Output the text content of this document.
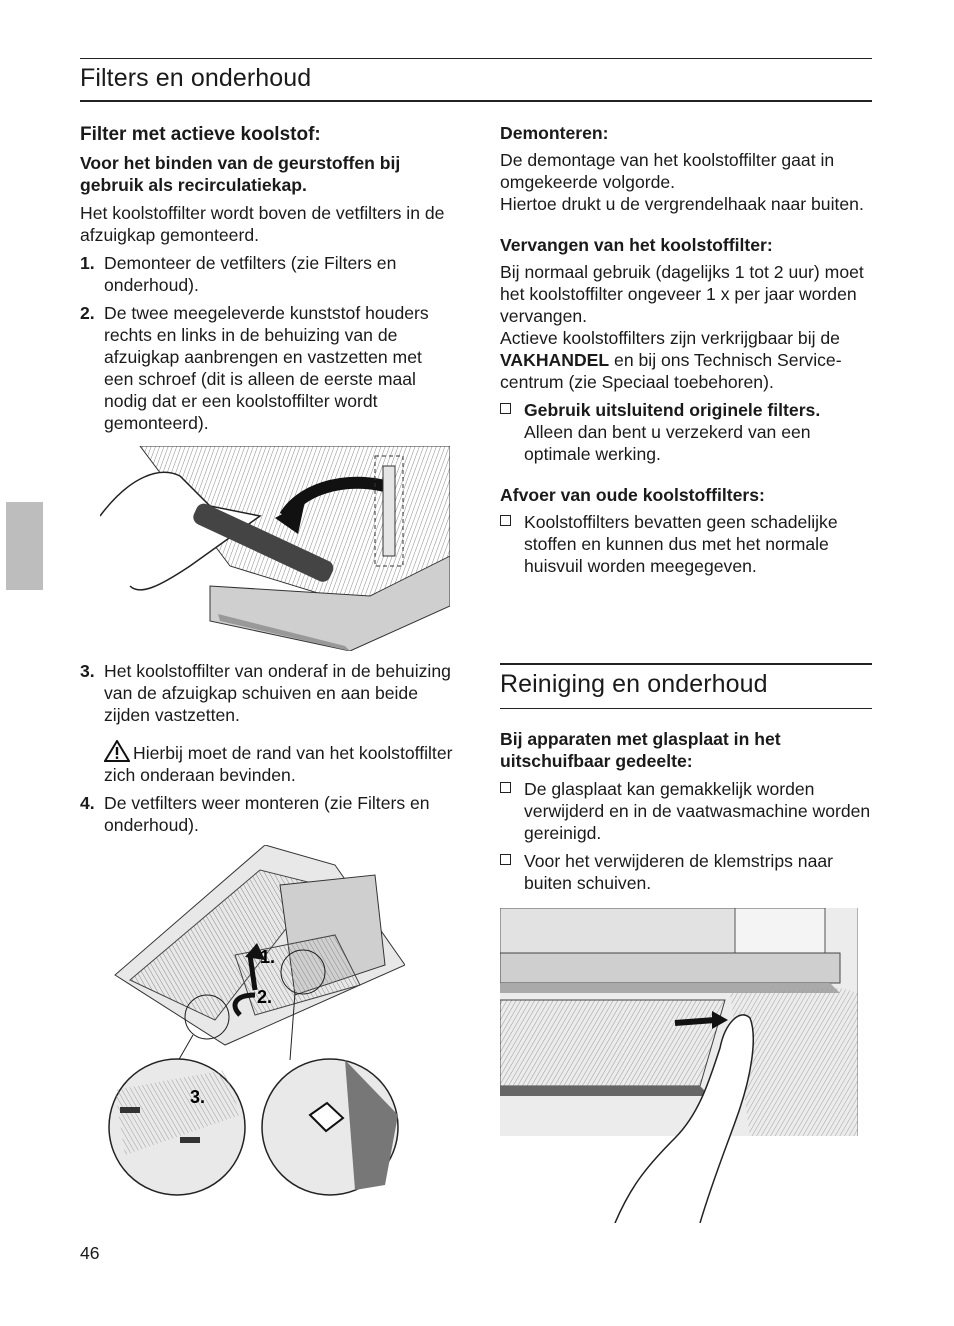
Filters en onderhoud

Filter met actieve koolstof:

Voor het binden van de geurstoffen bij gebruik als recirculatiekap.

Het koolstoffilter wordt boven de vetfilters in de afzuigkap gemonteerd.

1. Demonteer de vetfilters (zie Filters en onderhoud).
2. De twee meegeleverde kunststof houders rechts en links in de behuizing van de afzuigkap aanbrengen en vastzetten met een schroef (dit is alleen de eerste maal nodig dat er een koolstoffilter wordt gemonteerd).
3. Het koolstoffilter van onderaf in de behuizing van de afzuigkap schuiven en aan beide zijden vastzetten.
Hierbij moet de rand van het koolstoffilter zich onderaan bevinden.
4. De vetfilters weer monteren (zie Filters en onderhoud).
1.
2.
3.

Demonteren:

De demontage van het koolstoffilter gaat in omgekeerde volgorde.

Hiertoe drukt u de vergrendelhaak naar buiten.

Vervangen van het koolstoffilter:

Bij normaal gebruik (dagelijks 1 tot 2 uur) moet het koolstoffilter ongeveer 1 x per jaar worden vervangen.

Actieve koolstoffilters zijn verkrijgbaar bij de VAKHANDEL en bij ons Technisch Service-centrum (zie Speciaal toebehoren).

Gebruik uitsluitend originele filters.
Alleen dan bent u verzekerd van een optimale werking.

Afvoer van oude koolstoffilters:

Koolstoffilters bevatten geen schadelijke stoffen en kunnen dus met het normale huisvuil worden meegegeven.
Reiniging en onderhoud

Bij apparaten met glasplaat in het uitschuifbaar gedeelte:

De glasplaat kan gemakkelijk worden verwijderd en in de vaatwasmachine worden gereinigd.
Voor het verwijderen de klemstrips naar buiten schuiven.
46
